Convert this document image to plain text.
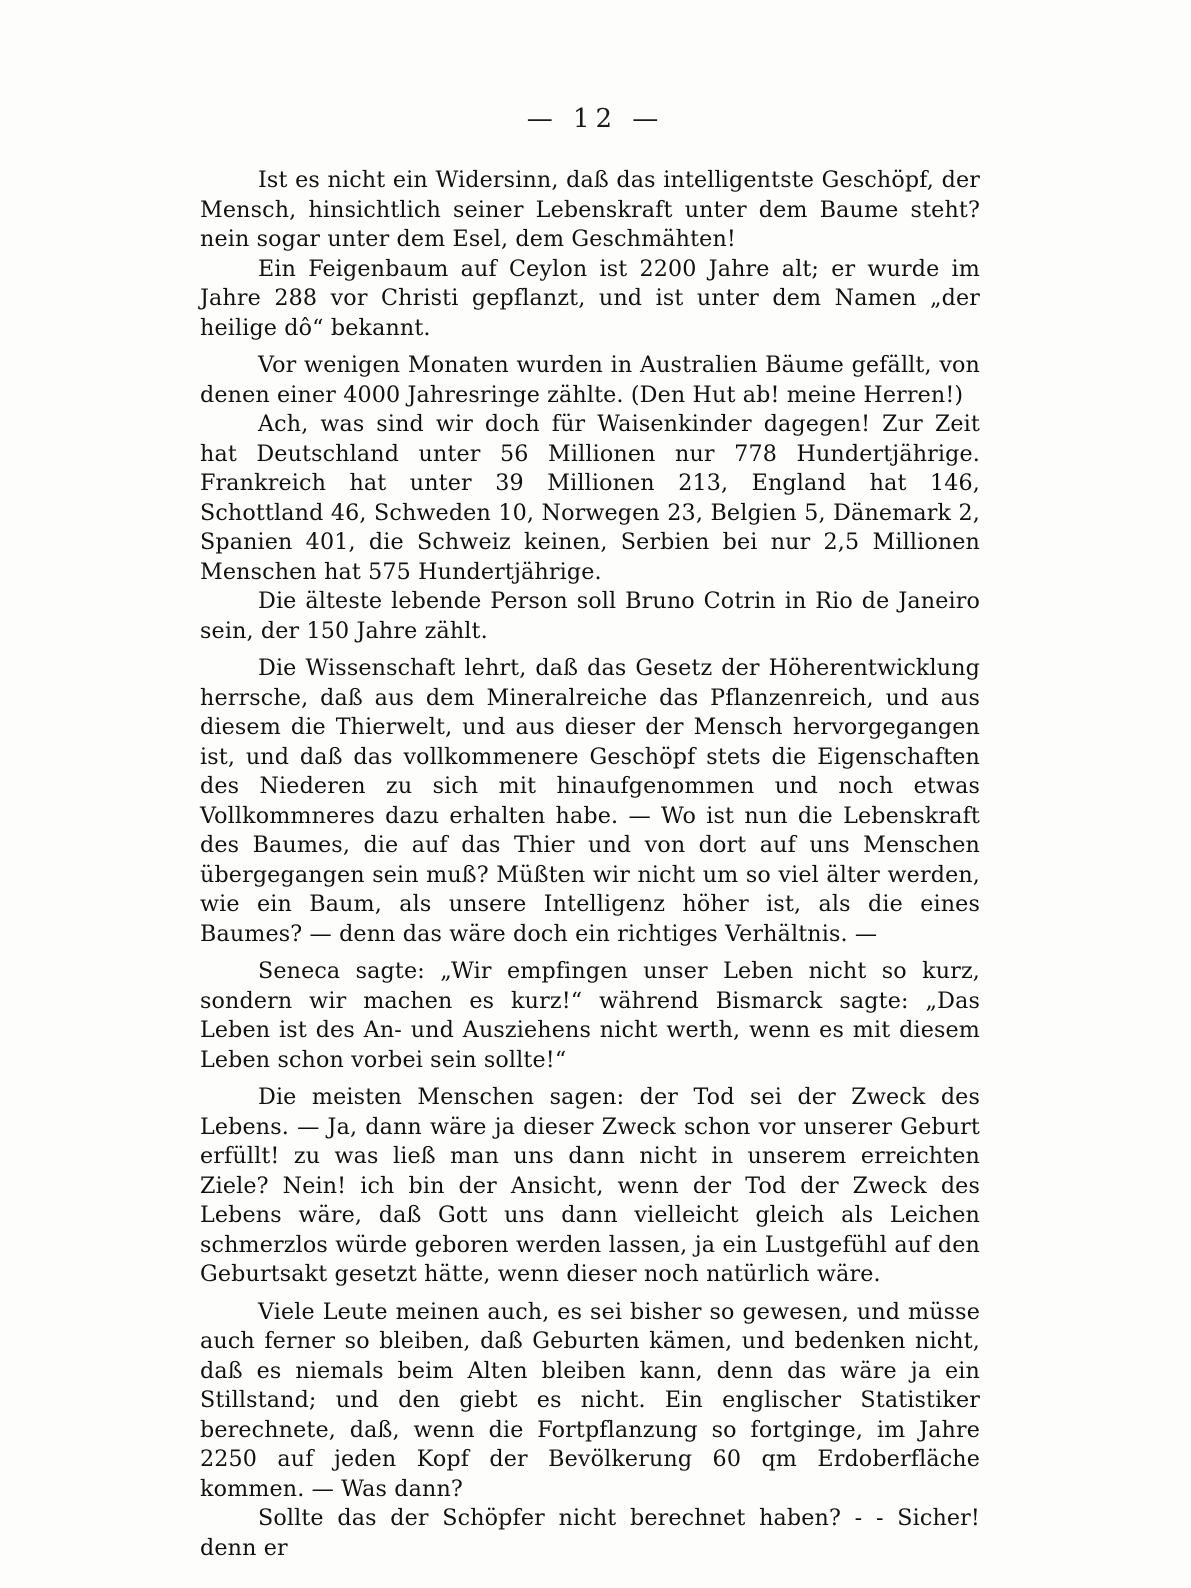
— 12 —

Ist es nicht ein Widersinn, daß das intelligentste Geschöpf, der Mensch, hinsichtlich seiner Lebenskraft unter dem Baume steht? nein sogar unter dem Esel, dem Geschmähten!

Ein Feigenbaum auf Ceylon ist 2200 Jahre alt; er wurde im Jahre 288 vor Christi gepflanzt, und ist unter dem Namen „der heilige dô“ bekannt.

Vor wenigen Monaten wurden in Australien Bäume gefällt, von denen einer 4000 Jahresringe zählte. (Den Hut ab! meine Herren!)

Ach, was sind wir doch für Waisenkinder dagegen! Zur Zeit hat Deutschland unter 56 Millionen nur 778 Hundertjährige. Frankreich hat unter 39 Millionen 213, England hat 146, Schottland 46, Schweden 10, Norwegen 23, Belgien 5, Dänemark 2, Spanien 401, die Schweiz keinen, Serbien bei nur 2,5 Millionen Menschen hat 575 Hundertjährige.

Die älteste lebende Person soll Bruno Cotrin in Rio de Janeiro sein, der 150 Jahre zählt.

Die Wissenschaft lehrt, daß das Gesetz der Höherentwicklung herrsche, daß aus dem Mineralreiche das Pflanzenreich, und aus diesem die Thierwelt, und aus dieser der Mensch hervorgegangen ist, und daß das vollkommenere Geschöpf stets die Eigenschaften des Niederen zu sich mit hinaufgenommen und noch etwas Vollkommneres dazu erhalten habe. — Wo ist nun die Lebenskraft des Baumes, die auf das Thier und von dort auf uns Menschen übergegangen sein muß? Müßten wir nicht um so viel älter werden, wie ein Baum, als unsere Intelligenz höher ist, als die eines Baumes? — denn das wäre doch ein richtiges Verhältnis. —

Seneca sagte: „Wir empfingen unser Leben nicht so kurz, sondern wir machen es kurz!“ während Bismarck sagte: „Das Leben ist des An- und Ausziehens nicht werth, wenn es mit diesem Leben schon vorbei sein sollte!“

Die meisten Menschen sagen: der Tod sei der Zweck des Lebens. — Ja, dann wäre ja dieser Zweck schon vor unserer Geburt erfüllt! zu was ließ man uns dann nicht in unserem erreichten Ziele? Nein! ich bin der Ansicht, wenn der Tod der Zweck des Lebens wäre, daß Gott uns dann vielleicht gleich als Leichen schmerzlos würde geboren werden lassen, ja ein Lustgefühl auf den Geburtsakt gesetzt hätte, wenn dieser noch natürlich wäre.

Viele Leute meinen auch, es sei bisher so gewesen, und müsse auch ferner so bleiben, daß Geburten kämen, und bedenken nicht, daß es niemals beim Alten bleiben kann, denn das wäre ja ein Stillstand; und den giebt es nicht. Ein englischer Statistiker berechnete, daß, wenn die Fortpflanzung so fortginge, im Jahre 2250 auf jeden Kopf der Bevölkerung 60 qm Erdoberfläche kommen. — Was dann?

Sollte das der Schöpfer nicht berechnet haben? - - Sicher! denn er
